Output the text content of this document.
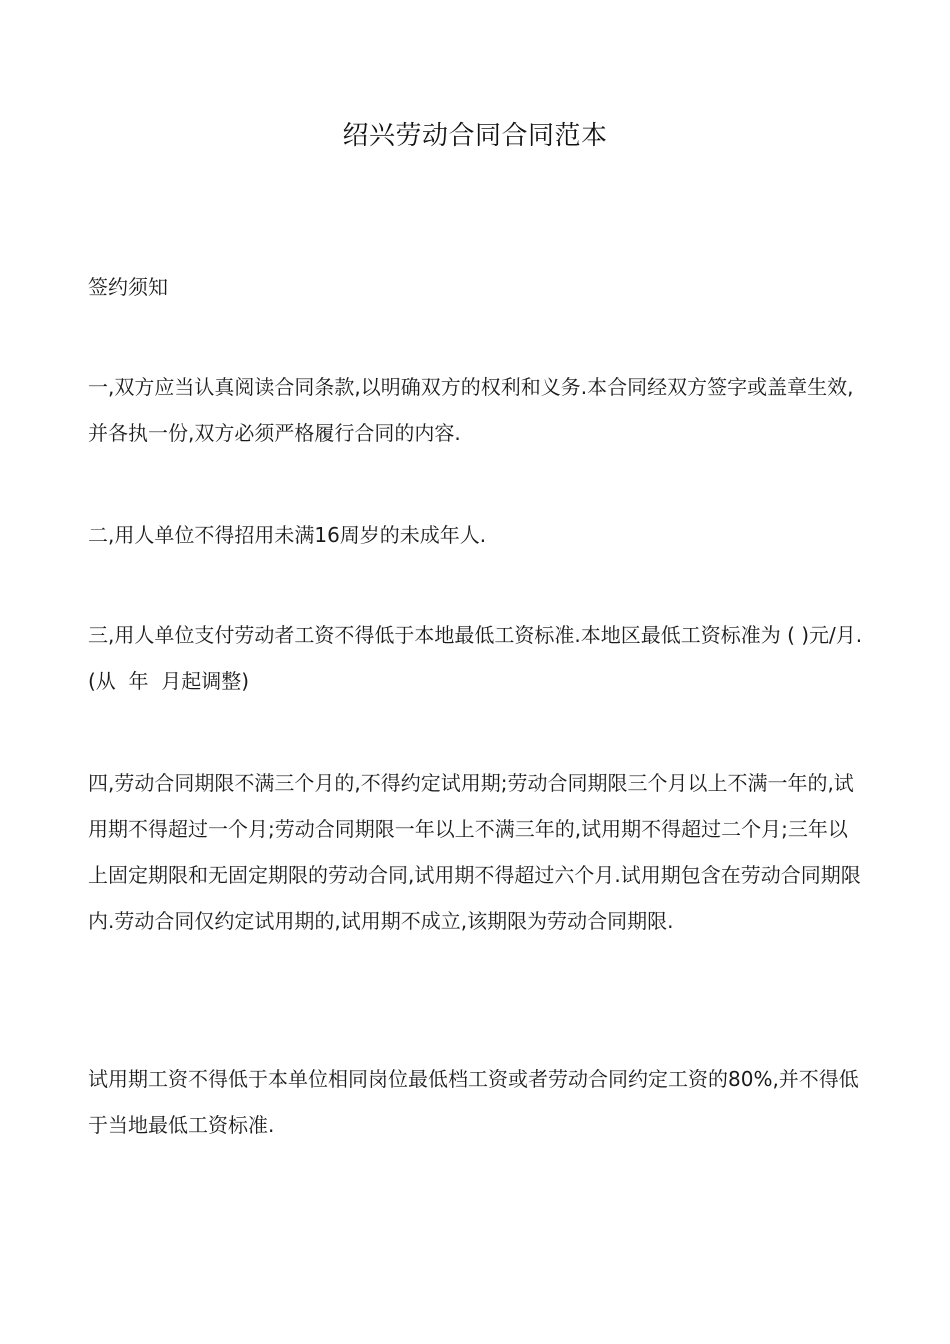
绍兴劳动合同合同范本

签约须知

一,双方应当认真阅读合同条款,以明确双方的权利和义务.本合同经双方签字或盖章生效,并各执一份,双方必须严格履行合同的内容.

二,用人单位不得招用未满16周岁的未成年人.

三,用人单位支付劳动者工资不得低于本地最低工资标准.本地区最低工资标准为 ( )元/月.(从  年  月起调整)

四,劳动合同期限不满三个月的,不得约定试用期;劳动合同期限三个月以上不满一年的,试用期不得超过一个月;劳动合同期限一年以上不满三年的,试用期不得超过二个月;三年以上固定期限和无固定期限的劳动合同,试用期不得超过六个月.试用期包含在劳动合同期限内.劳动合同仅约定试用期的,试用期不成立,该期限为劳动合同期限.

试用期工资不得低于本单位相同岗位最低档工资或者劳动合同约定工资的80%,并不得低于当地最低工资标准.
